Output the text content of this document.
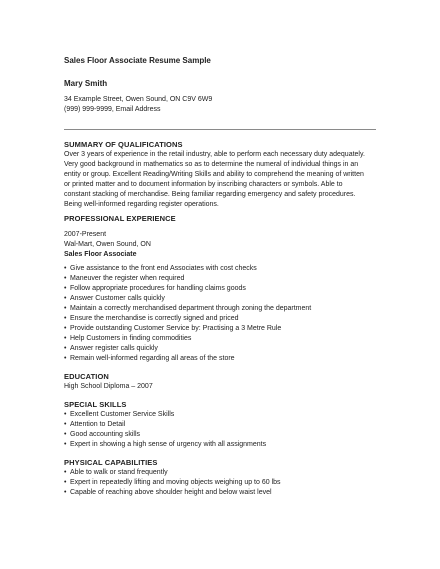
Sales Floor Associate Resume Sample
Mary Smith
34 Example Street, Owen Sound, ON C9V 6W9
(999) 999-9999, Email Address
SUMMARY OF QUALIFICATIONS
Over 3 years of experience in the retail industry, able to perform each necessary duty adequately.
Very good background in mathematics so as to determine the numeral of individual things in an
entity or group. Excellent Reading/Writing Skills and ability to comprehend the meaning of written
or printed matter and to document information by inscribing characters or symbols. Able to
constant stacking of merchandise. Being familiar regarding emergency and safety procedures.
Being well-informed regarding register operations.
PROFESSIONAL EXPERIENCE
2007-Present
Wal-Mart, Owen Sound, ON
Sales Floor Associate
• Give assistance to the front end Associates with cost checks
• Maneuver the register when required
• Follow appropriate procedures for handling claims goods
• Answer Customer calls quickly
• Maintain a correctly merchandised department through zoning the department
• Ensure the merchandise is correctly signed and priced
• Provide outstanding Customer Service by: Practising a 3 Metre Rule
• Help Customers in finding commodities
• Answer register calls quickly
• Remain well-informed regarding all areas of the store
EDUCATION
High School Diploma – 2007
SPECIAL SKILLS
• Excellent Customer Service Skills
• Attention to Detail
• Good accounting skills
• Expert in showing a high sense of urgency with all assignments
PHYSICAL CAPABILITIES
• Able to walk or stand frequently
• Expert in repeatedly lifting and moving objects weighing up to 60 lbs
• Capable of reaching above shoulder height and below waist level
